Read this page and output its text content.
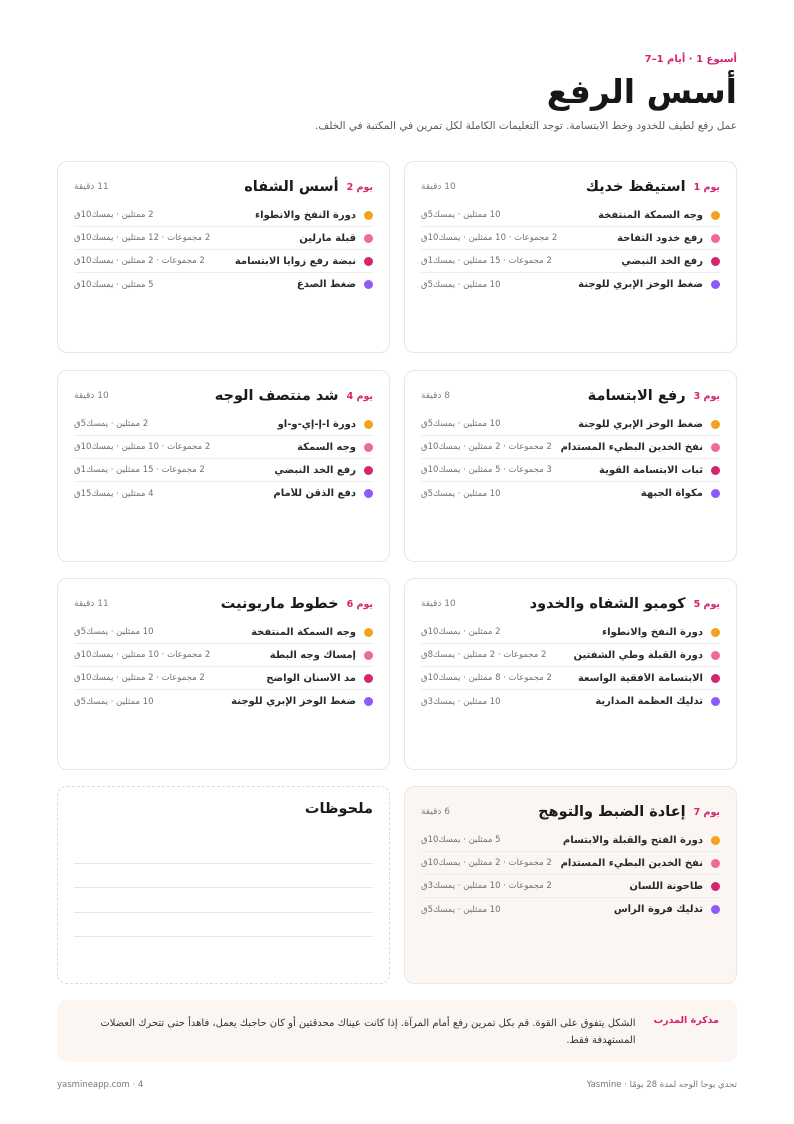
أسبوع 1 · أيام 1–7
أسس الرفع

عمل رفع لطيف للخدود وخط الابتسامة. توجد التعليمات الكاملة لكل تمرين في المكتبة في الخلف.

يوم 1
استيقظ خديك
10 دقيقة
وجه السمكة المنتفخة
10 ممثلين · يمسك5ق
رفع خدود التفاحة
2 مجموعات · 10 ممثلين · يمسك10ق
رفع الخد النبضي
2 مجموعات · 15 ممثلين · يمسك1ق
ضغط الوخز الإبري للوجنة
10 ممثلين · يمسك5ق
يوم 2
أسس الشفاه
11 دقيقة
دورة النفخ والانطواء
2 ممثلين · يمسك10ق
قبلة مارلين
2 مجموعات · 12 ممثلين · يمسك10ق
نبضة رفع زوايا الابتسامة
2 مجموعات · 2 ممثلين · يمسك10ق
ضغط الصدغ
5 ممثلين · يمسك10ق
يوم 3
رفع الابتسامة
8 دقيقة
ضغط الوخز الإبري للوجنة
10 ممثلين · يمسك5ق
نفخ الخدين البطيء المستدام
2 مجموعات · 2 ممثلين · يمسك10ق
ثبات الابتسامة القوية
3 مجموعات · 5 ممثلين · يمسك10ق
مكواة الجبهة
10 ممثلين · يمسك5ق
يوم 4
شد منتصف الوجه
10 دقيقة
دورة آ-إ-إي-و-أو
2 ممثلين · يمسك5ق
وجه السمكة
2 مجموعات · 10 ممثلين · يمسك10ق
رفع الخد النبضي
2 مجموعات · 15 ممثلين · يمسك1ق
دفع الذقن للأمام
4 ممثلين · يمسك15ق
يوم 5
كومبو الشفاه والخدود
10 دقيقة
دورة النفخ والانطواء
2 ممثلين · يمسك10ق
دورة القبلة وطي الشفتين
2 مجموعات · 2 ممثلين · يمسك8ق
الابتسامة الأفقية الواسعة
2 مجموعات · 8 ممثلين · يمسك10ق
تدليك العظمة المدارية
10 ممثلين · يمسك3ق
يوم 6
خطوط ماريونيت
11 دقيقة
وجه السمكة المنتفخة
10 ممثلين · يمسك5ق
إمساك وجه البطة
2 مجموعات · 10 ممثلين · يمسك10ق
مد الأسنان الواضح
2 مجموعات · 2 ممثلين · يمسك10ق
ضغط الوخز الإبري للوجنة
10 ممثلين · يمسك5ق
يوم 7
إعادة الضبط والتوهج
6 دقيقة
دورة الفتح والقبلة والابتسام
5 ممثلين · يمسك10ق
نفخ الخدين البطيء المستدام
2 مجموعات · 2 ممثلين · يمسك10ق
طاحونة اللسان
2 مجموعات · 10 ممثلين · يمسك3ق
تدليك فروة الرأس
10 ممثلين · يمسك5ق
ملحوظات
مذكرة المدرب

الشكل يتفوق على القوة. قم بكل تمرين رفع أمام المرآة. إذا كانت عيناك محدقتين أو كان حاجبك يعمل، فاهدأ حتى تتحرك العضلات المستهدفة فقط.

تحدي يوجا الوجه لمدة 28 يومًا · Yasmine
yasmineapp.com · 4
